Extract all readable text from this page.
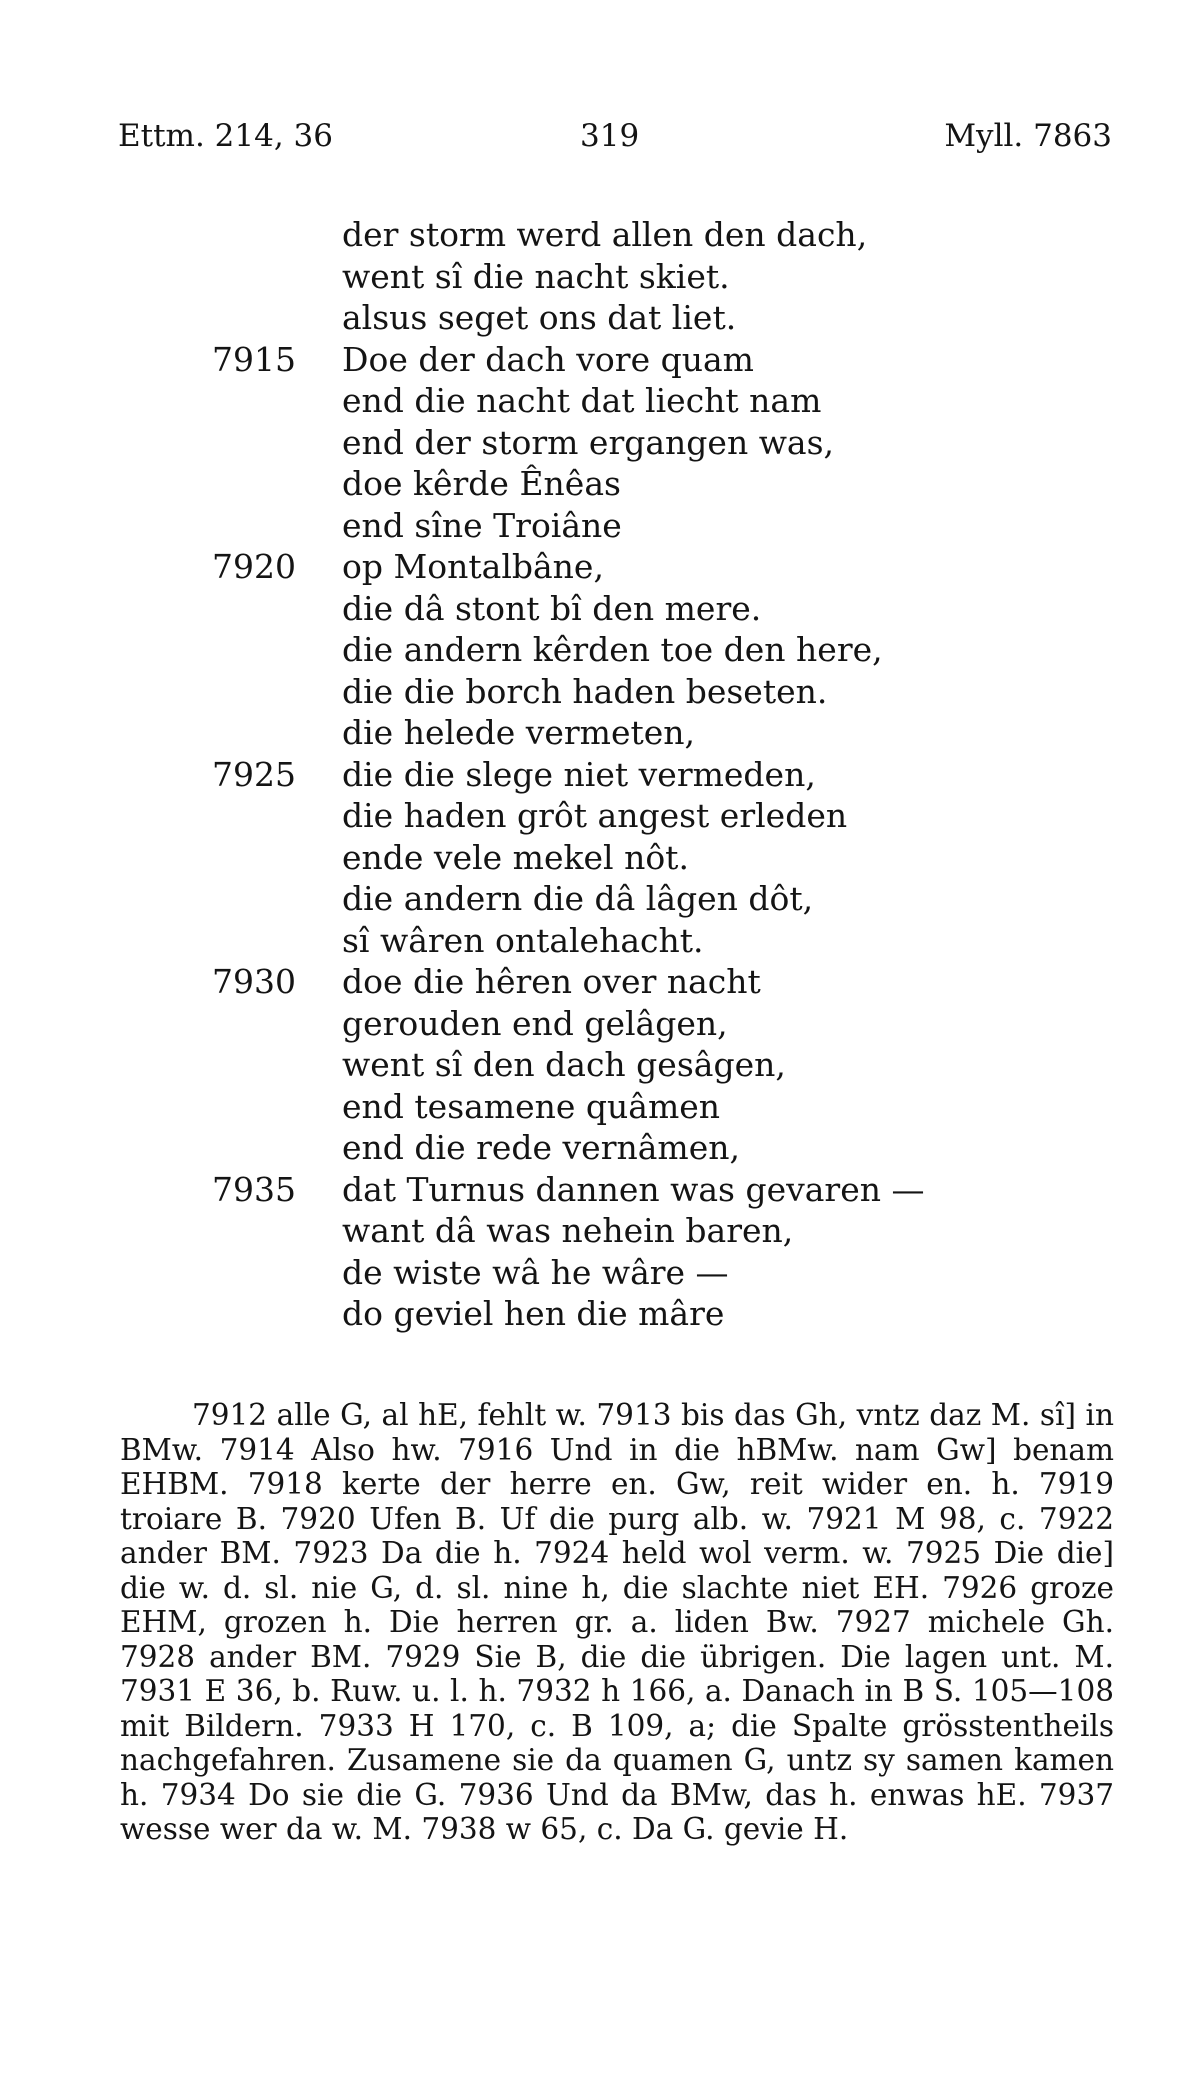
Ettm. 214, 36	319	Myll. 7863
der storm werd allen den dach,
went sî die nacht skiet.
alsus seget ons dat liet.
7915 Doe der dach vore quam
end die nacht dat liecht nam
end der storm ergangen was,
doe kêrde Ênêas
end sîne Troiâne
7920 op Montalbâne,
die dâ stont bî den mere.
die andern kêrden toe den here,
die die borch haden beseten.
die helede vermeten,
7925 die die slege niet vermeden,
die haden grôt angest erleden
ende vele mekel nôt.
die andern die dâ lâgen dôt,
sî wâren ontalehacht.
7930 doe die hêren over nacht
gerouden end gelâgen,
went sî den dach gesâgen,
end tesamene quâmen
end die rede vernâmen,
7935 dat Turnus dannen was gevaren —
want dâ was nehein baren,
de wiste wâ he wâre —
do geviel hen die mâre

7912 alle G, al hE, fehlt w. 7913 bis das Gh, vntz daz M. sî] in BMw. 7914 Also hw. 7916 Und in die hBMw. nam Gw] benam EHBM. 7918 kerte der herre en. Gw, reit wider en. h. 7919 troiare B. 7920 Ufen B. Uf die purg alb. w. 7921 M 98, c. 7922 ander BM. 7923 Da die h. 7924 held wol verm. w. 7925 Die die] die w. d. sl. nie G, d. sl. nine h, die slachte niet EH. 7926 groze EHM, grozen h. Die herren gr. a. liden Bw. 7927 michele Gh. 7928 ander BM. 7929 Sie B, die die übrigen. Die lagen unt. M. 7931 E 36, b. Ruw. u. l. h. 7932 h 166, a. Danach in B S. 105—108 mit Bildern. 7933 H 170, c. B 109, a; die Spalte grösstentheils nachgefahren. Zusamene sie da quamen G, untz sy samen kamen h. 7934 Do sie die G. 7936 Und da BMw, das h. enwas hE. 7937 wesse wer da w. M. 7938 w 65, c. Da G. gevie H.
